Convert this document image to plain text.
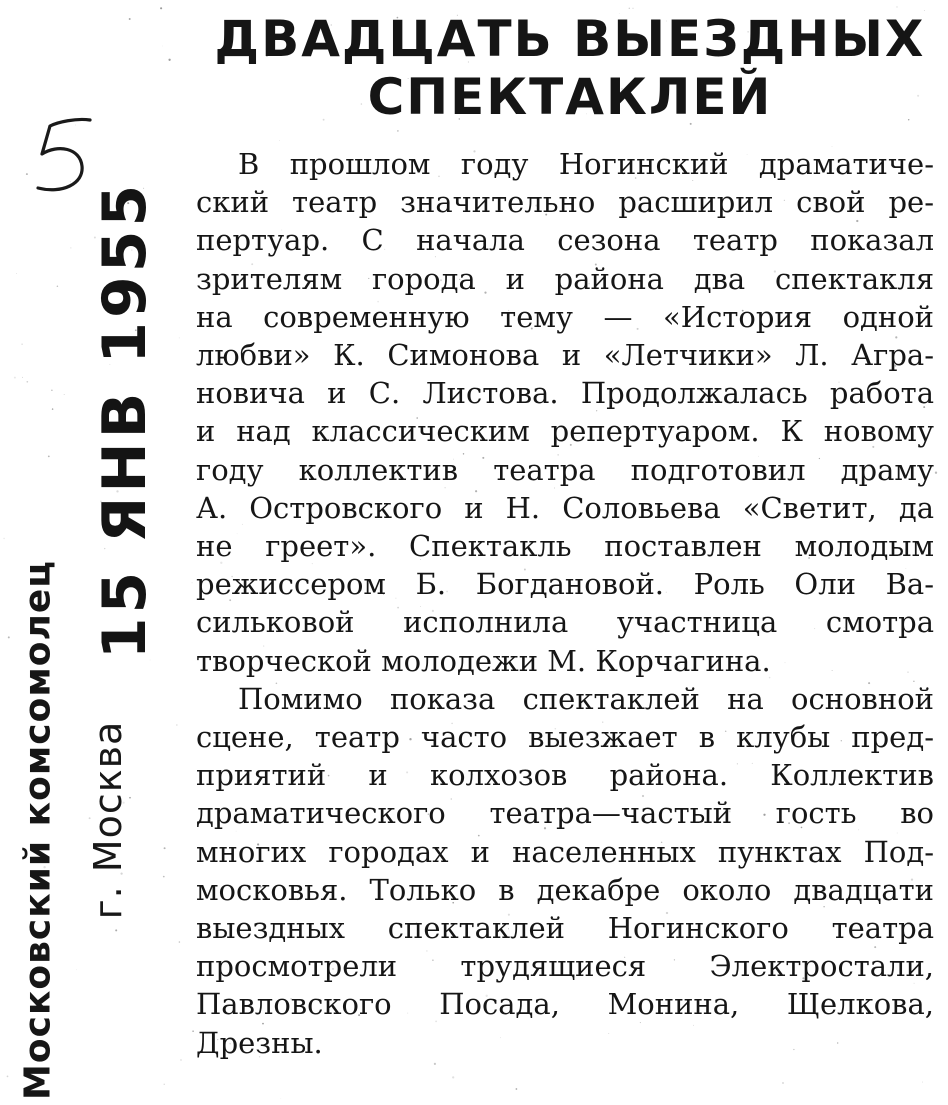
ДВАДЦАТЬ ВЫЕЗДНЫХ
СПЕКТАКЛЕЙ
15 ЯНВ 1955
Московский комсомолец г. Москва
В прошлом году Ногинский драматиче-
ский театр значительно расширил свой ре-
пертуар. С начала сезона театр показал
зрителям города и района два спектакля
на современную тему — «История одной
любви» К. Симонова и «Летчики» Л. Агра-
новича и С. Листова. Продолжалась работа
и над классическим репертуаром. К новому
году коллектив театра подготовил драму
А. Островского и Н. Соловьева «Светит, да
не греет». Спектакль поставлен молодым
режиссером Б. Богдановой. Роль Оли Ва-
сильковой исполнила участница смотра
творческой молодежи М. Корчагина.
Помимо показа спектаклей на основной
сцене, театр часто выезжает в клубы пред-
приятий и колхозов района. Коллектив
драматического театра—частый гость во
многих городах и населенных пунктах Под-
московья. Только в декабре около двадцати
выездных спектаклей Ногинского театра
просмотрели трудящиеся Электростали,
Павловского Посада, Монина, Щелкова,
Дрезны.
